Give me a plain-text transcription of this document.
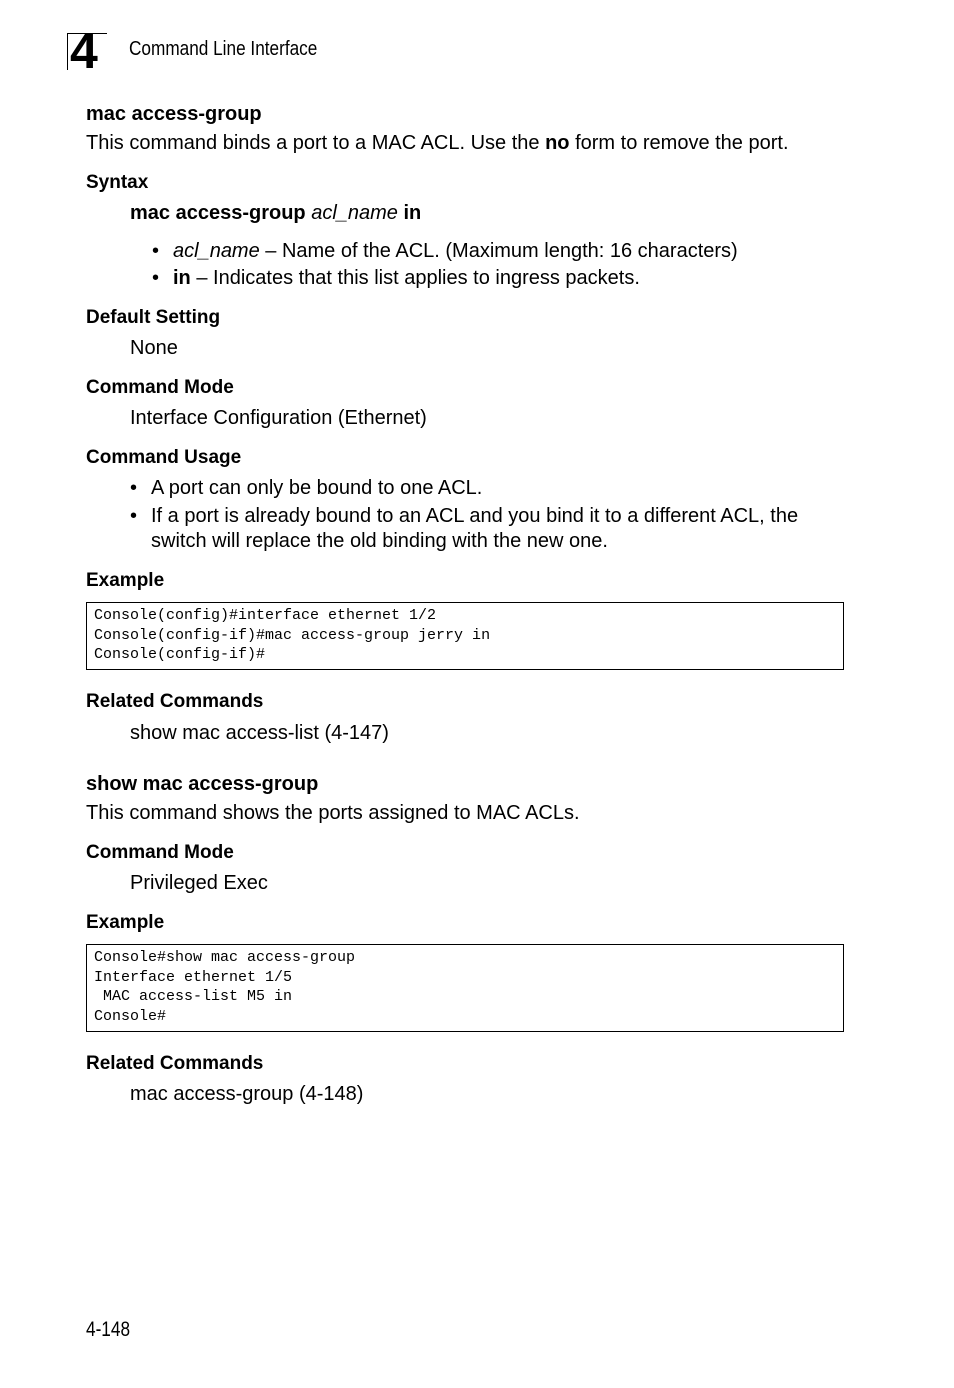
4 Command Line Interface
mac access-group
This command binds a port to a MAC ACL. Use the no form to remove the port.
Syntax
mac access-group acl_name in
• acl_name – Name of the ACL. (Maximum length: 16 characters)
• in – Indicates that this list applies to ingress packets.
Default Setting
None
Command Mode
Interface Configuration (Ethernet)
Command Usage
• A port can only be bound to one ACL.
• If a port is already bound to an ACL and you bind it to a different ACL, the
switch will replace the old binding with the new one.
Example
Console(config)#interface ethernet 1/2
Console(config-if)#mac access-group jerry in
Console(config-if)#
Related Commands
show mac access-list (4-147)
show mac access-group
This command shows the ports assigned to MAC ACLs.
Command Mode
Privileged Exec
Example
Console#show mac access-group
Interface ethernet 1/5
MAC access-list M5 in
Console#
Related Commands
mac access-group (4-148)
4-148
